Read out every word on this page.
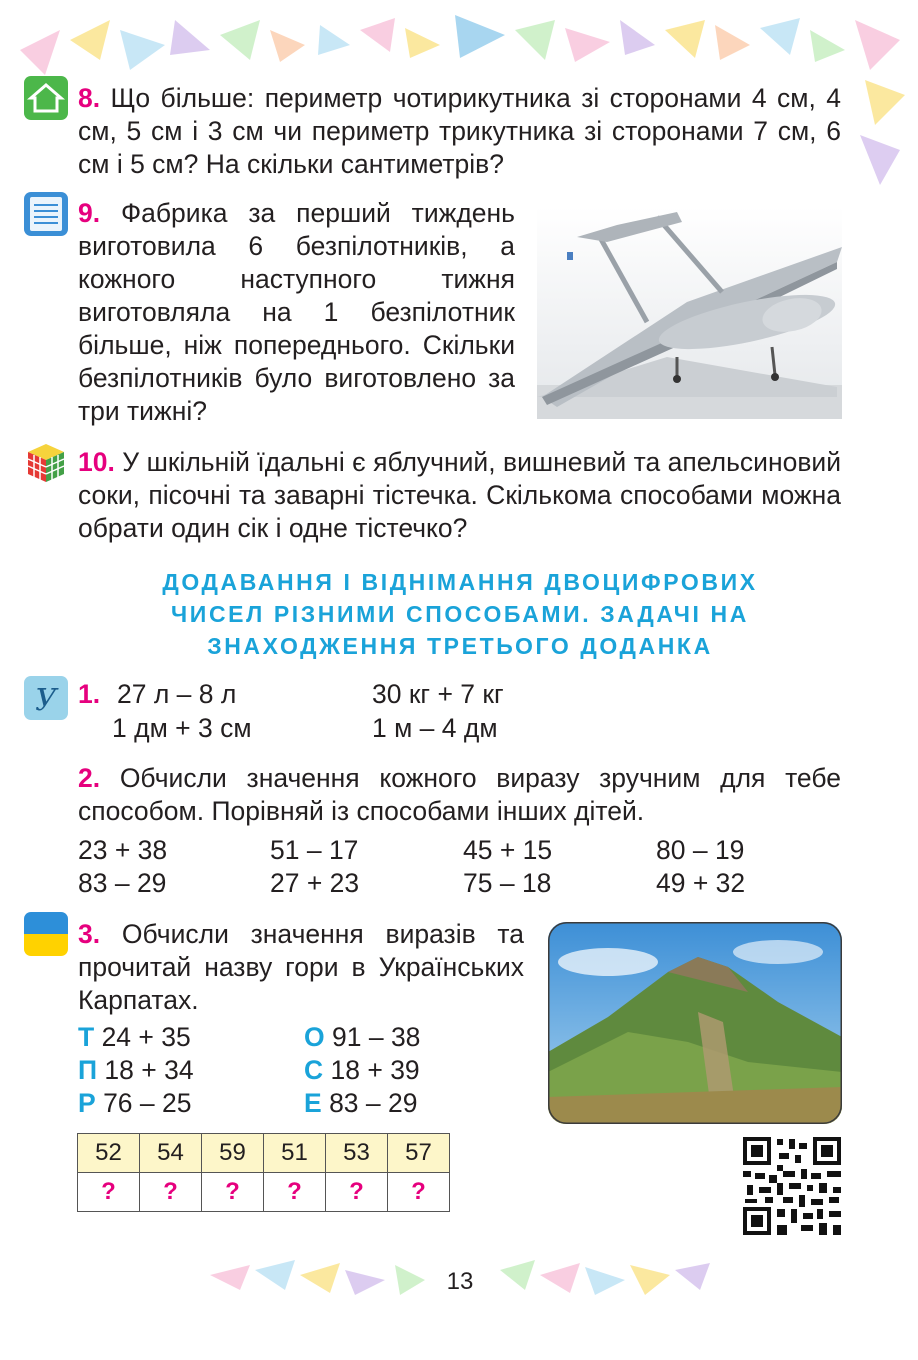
8. Що більше: периметр чотирикутника зі сторонами 4 см, 4 см, 5 см і 3 см чи периметр трикутника зі сторонами 7 см, 6 см і 5 см? На скільки сантиметрів?
9. Фабрика за перший тиждень виготовила 6 безпілотників, а кожного наступного тижня виготовляла на 1 безпілотник більше, ніж попереднього. Скільки безпілотників було виготовлено за три тижні?
10. У шкільній їдальні є яблучний, вишневий та апельсиновий соки, пісочні та заварні тістечка. Скількома способами можна обрати один сік і одне тістечко?
ДОДАВАННЯ І ВІДНІМАННЯ ДВОЦИФРОВИХ
ЧИСЕЛ РІЗНИМИ СПОСОБАМИ. ЗАДАЧІ НА
ЗНАХОДЖЕННЯ ТРЕТЬОГО ДОДАНКА
У 1. 27 л – 8 л	30 кг + 7 кг
1 дм + 3 см	1 м – 4 дм
2. Обчисли значення кожного виразу зручним для тебе способом. Порівняй із способами інших дітей.
23 + 38	51 – 17	45 + 15	80 – 19
83 – 29	27 + 23	75 – 18	49 + 32
3. Обчисли значення виразів та прочитай назву гори в Українських Карпатах.
Т 24 + 35
П 18 + 34
Р 76 – 25
О 91 – 38
С 18 + 39
Е 83 – 29
52	54	59	51	53	57
?	?	?	?	?	?
13
